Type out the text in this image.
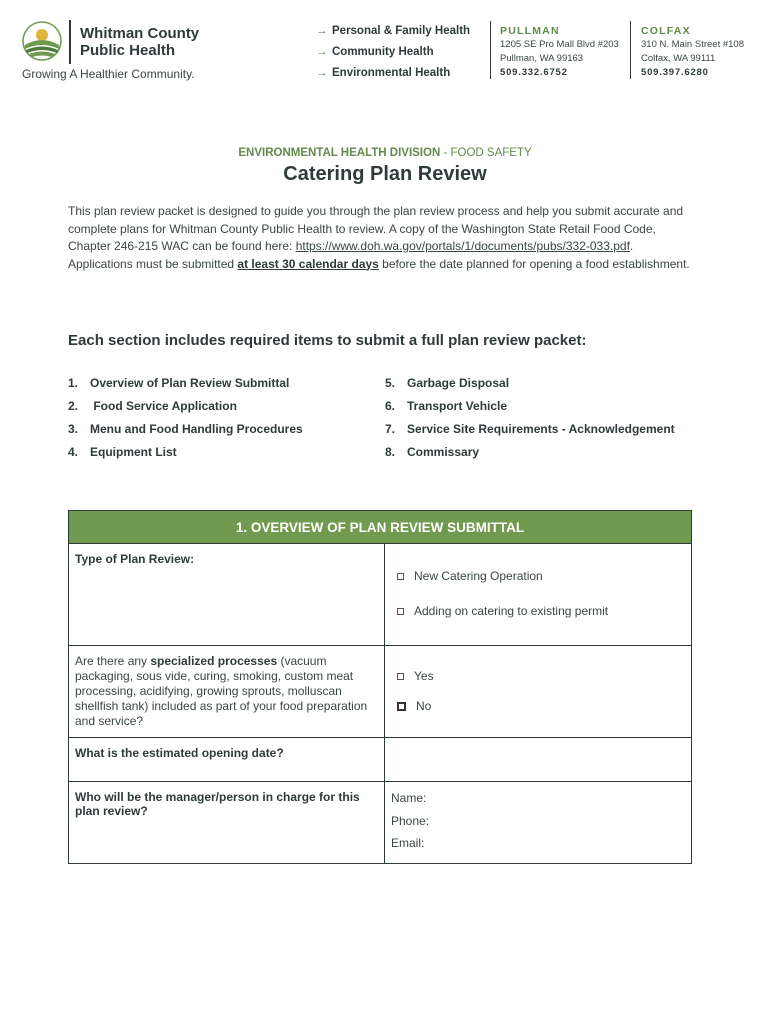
Whitman County
Public Health
Growing A Healthier Community.
→ Personal & Family Health
→ Community Health
→ Environmental Health
PULLMAN
1205 SE Pro Mall Blvd #203
Pullman, WA 99163
509.332.6752
COLFAX
310 N. Main Street #108
Colfax, WA 99111
509.397.6280
ENVIRONMENTAL HEALTH DIVISION - FOOD SAFETY
Catering Plan Review
This plan review packet is designed to guide you through the plan review process and help you submit accurate and complete plans for Whitman County Public Health to review. A copy of the Washington State Retail Food Code, Chapter 246-215 WAC can be found here: https://www.doh.wa.gov/portals/1/documents/pubs/332-033.pdf. Applications must be submitted at least 30 calendar days before the date planned for opening a food establishment.
Each section includes required items to submit a full plan review packet:
1. Overview of Plan Review Submittal
2. Food Service Application
3. Menu and Food Handling Procedures
4. Equipment List
5. Garbage Disposal
6. Transport Vehicle
7. Service Site Requirements - Acknowledgement
8. Commissary
1. OVERVIEW OF PLAN REVIEW SUBMITTAL	
Type of Plan Review:	New Catering Operation
Adding on catering to existing permit

Are there any specialized processes (vacuum packaging, sous vide, curing, smoking, custom meat processing, acidifying, growing sprouts, molluscan shellfish tank) included as part of your food preparation and service?	Yes
No

What is the estimated opening date?	
Who will be the manager/person in charge for this plan review?	Name:
Phone:
Email:
